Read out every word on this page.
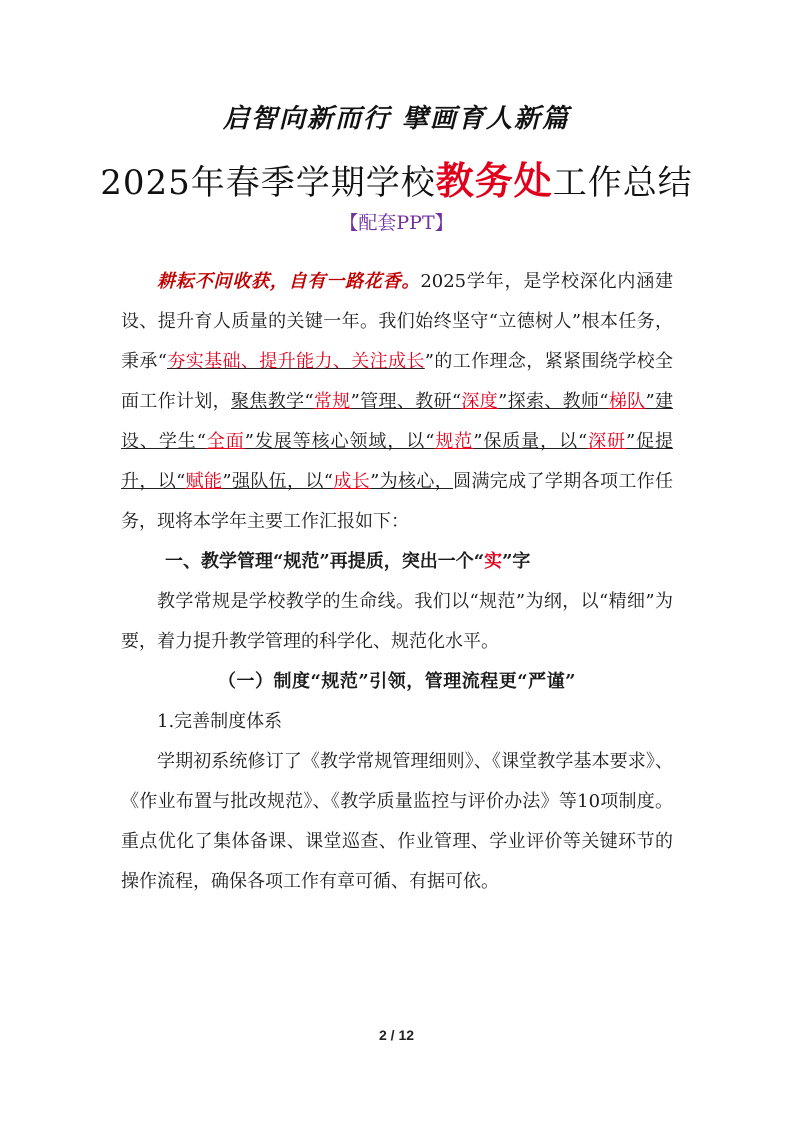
启智向新而行 擘画育人新篇
2025年春季学期学校教务处工作总结
【配套PPT】

耕耘不问收获，自有一路花香。2025学年，是学校深化内涵建设、提升育人质量的关键一年。我们始终坚守“立德树人”根本任务，秉承“夯实基础、提升能力、关注成长”的工作理念，紧紧围绕学校全面工作计划，聚焦教学“常规”管理、教研“深度”探索、教师“梯队”建设、学生“全面”发展等核心领域，以“规范”保质量，以“深研”促提升，以“赋能”强队伍，以“成长”为核心，圆满完成了学期各项工作任务，现将本学年主要工作汇报如下：

一、教学管理“规范”再提质，突出一个“实”字

教学常规是学校教学的生命线。我们以“规范”为纲，以“精细”为要，着力提升教学管理的科学化、规范化水平。

（一）制度“规范”引领，管理流程更“严谨”

1.完善制度体系

学期初系统修订了《教学常规管理细则》、《课堂教学基本要求》、《作业布置与批改规范》、《教学质量监控与评价办法》等10项制度。重点优化了集体备课、课堂巡查、作业管理、学业评价等关键环节的操作流程，确保各项工作有章可循、有据可依。

2 / 12
